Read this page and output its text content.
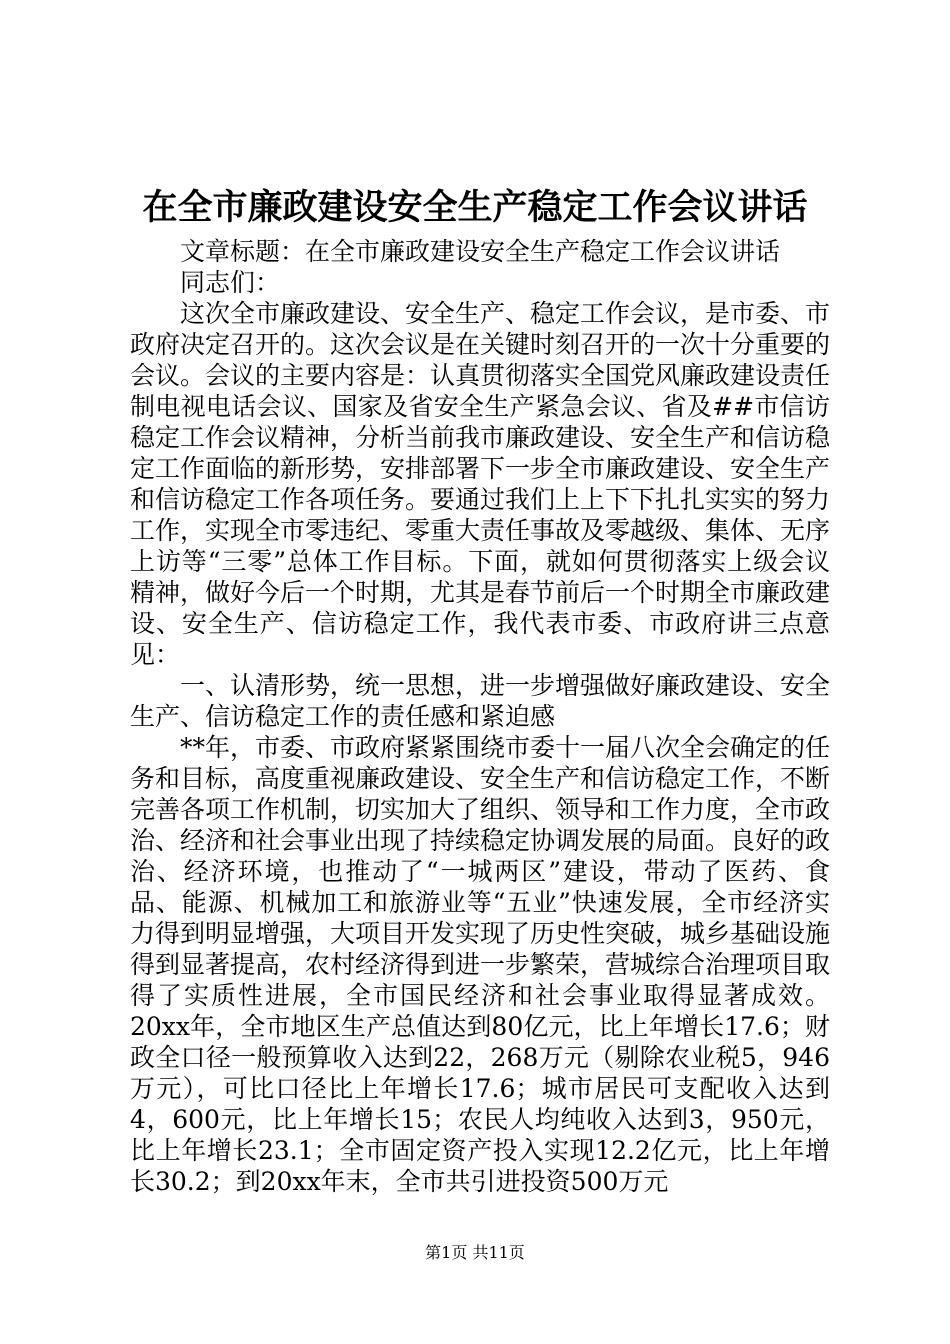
在全市廉政建设安全生产稳定工作会议讲话

文章标题：在全市廉政建设安全生产稳定工作会议讲话

同志们：

这次全市廉政建设、安全生产、稳定工作会议，是市委、市政府决定召开的。这次会议是在关键时刻召开的一次十分重要的会议。会议的主要内容是：认真贯彻落实全国党风廉政建设责任制电视电话会议、国家及省安全生产紧急会议、省及##市信访稳定工作会议精神，分析当前我市廉政建设、安全生产和信访稳定工作面临的新形势，安排部署下一步全市廉政建设、安全生产和信访稳定工作各项任务。要通过我们上上下下扎扎实实的努力工作，实现全市零违纪、零重大责任事故及零越级、集体、无序上访等“三零”总体工作目标。下面，就如何贯彻落实上级会议精神，做好今后一个时期，尤其是春节前后一个时期全市廉政建设、安全生产、信访稳定工作，我代表市委、市政府讲三点意见：

一、认清形势，统一思想，进一步增强做好廉政建设、安全生产、信访稳定工作的责任感和紧迫感

**年，市委、市政府紧紧围绕市委十一届八次全会确定的任务和目标，高度重视廉政建设、安全生产和信访稳定工作，不断完善各项工作机制，切实加大了组织、领导和工作力度，全市政治、经济和社会事业出现了持续稳定协调发展的局面。良好的政治、经济环境，也推动了“一城两区”建设，带动了医药、食品、能源、机械加工和旅游业等“五业”快速发展，全市经济实力得到明显增强，大项目开发实现了历史性突破，城乡基础设施得到显著提高，农村经济得到进一步繁荣，营城综合治理项目取得了实质性进展，全市国民经济和社会事业取得显著成效。20xx年，全市地区生产总值达到80亿元，比上年增长17.6；财政全口径一般预算收入达到22，268万元（剔除农业税5，946万元），可比口径比上年增长17.6；城市居民可支配收入达到4，600元，比上年增长15；农民人均纯收入达到3，950元，比上年增长23.1；全市固定资产投入实现12.2亿元，比上年增长30.2；到20xx年末，全市共引进投资500万元

第1页 共11页
